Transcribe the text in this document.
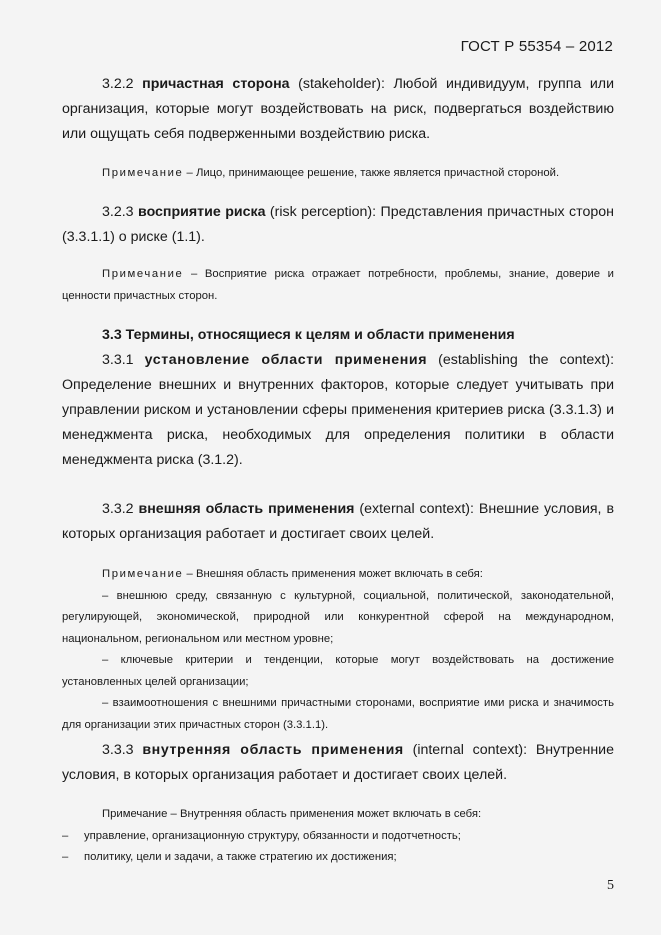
ГОСТ Р 55354 – 2012

3.2.2 причастная сторона (stakeholder): Любой индивидуум, группа или организация, которые могут воздействовать на риск, подвергаться воздействию или ощущать себя подверженными воздействию риска.

Примечание – Лицо, принимающее решение, также является причастной стороной.

3.2.3 восприятие риска (risk perception): Представления причастных сторон (3.3.1.1) о риске (1.1).

Примечание – Восприятие риска отражает потребности, проблемы, знание, доверие и ценности причастных сторон.

3.3 Термины, относящиеся к целям и области применения

3.3.1 установление области применения (establishing the context): Определение внешних и внутренних факторов, которые следует учитывать при управлении риском и установлении сферы применения критериев риска (3.3.1.3) и менеджмента риска, необходимых для определения политики в области менеджмента риска (3.1.2).

3.3.2 внешняя область применения (external context): Внешние условия, в которых организация работает и достигает своих целей.

Примечание – Внешняя область применения может включать в себя:

– внешнюю среду, связанную с культурной, социальной, политической, законодательной, регулирующей, экономической, природной или конкурентной сферой на международном, национальном, региональном или местном уровне;

– ключевые критерии и тенденции, которые могут воздействовать на достижение установленных целей организации;

– взаимоотношения с внешними причастными сторонами, восприятие ими риска и значимость для организации этих причастных сторон (3.3.1.1).

3.3.3 внутренняя область применения (internal context): Внутренние условия, в которых организация работает и достигает своих целей.

Примечание – Внутренняя область применения может включать в себя:

–	управление, организационную структуру, обязанности и подотчетность;
–	политику, цели и задачи, а также стратегию их достижения;
5
